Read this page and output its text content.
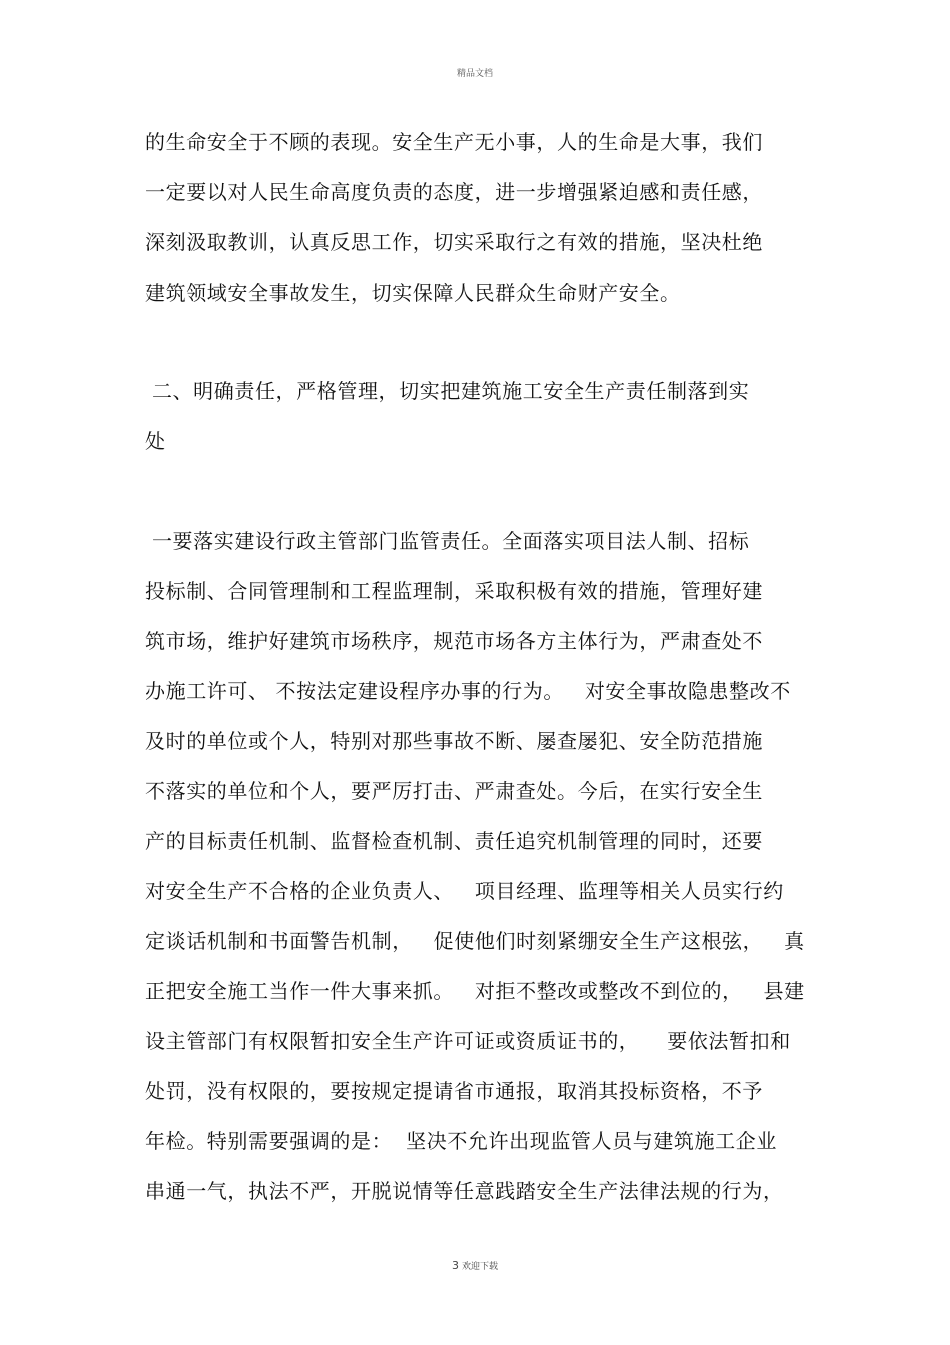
精品文档
的生命安全于不顾的表现。安全生产无小事，人的生命是大事，我们
一定要以对人民生命高度负责的态度，进一步增强紧迫感和责任感，
深刻汲取教训，认真反思工作，切实采取行之有效的措施，坚决杜绝
建筑领域安全事故发生，切实保障人民群众生命财产安全。
二、明确责任，严格管理，切实把建筑施工安全生产责任制落到实
处
一要落实建设行政主管部门监管责任。全面落实项目法人制、招标
投标制、合同管理制和工程监理制，采取积极有效的措施，管理好建
筑市场，维护好建筑市场秩序，规范市场各方主体行为，严肃查处不
办施工许可、 不按法定建设程序办事的行为。   对安全事故隐患整改不
及时的单位或个人，特别对那些事故不断、屡查屡犯、安全防范措施
不落实的单位和个人，要严厉打击、严肃查处。今后，在实行安全生
产的目标责任机制、监督检查机制、责任追究机制管理的同时，还要
对安全生产不合格的企业负责人、   项目经理、监理等相关人员实行约
定谈话机制和书面警告机制，   促使他们时刻紧绷安全生产这根弦，   真
正把安全施工当作一件大事来抓。   对拒不整改或整改不到位的，   县建
设主管部门有权限暂扣安全生产许可证或资质证书的，    要依法暂扣和
处罚，没有权限的，要按规定提请省市通报，取消其投标资格，不予
年检。特别需要强调的是：  坚决不允许出现监管人员与建筑施工企业
串通一气，执法不严，开脱说情等任意践踏安全生产法律法规的行为，
3 欢迎下载
